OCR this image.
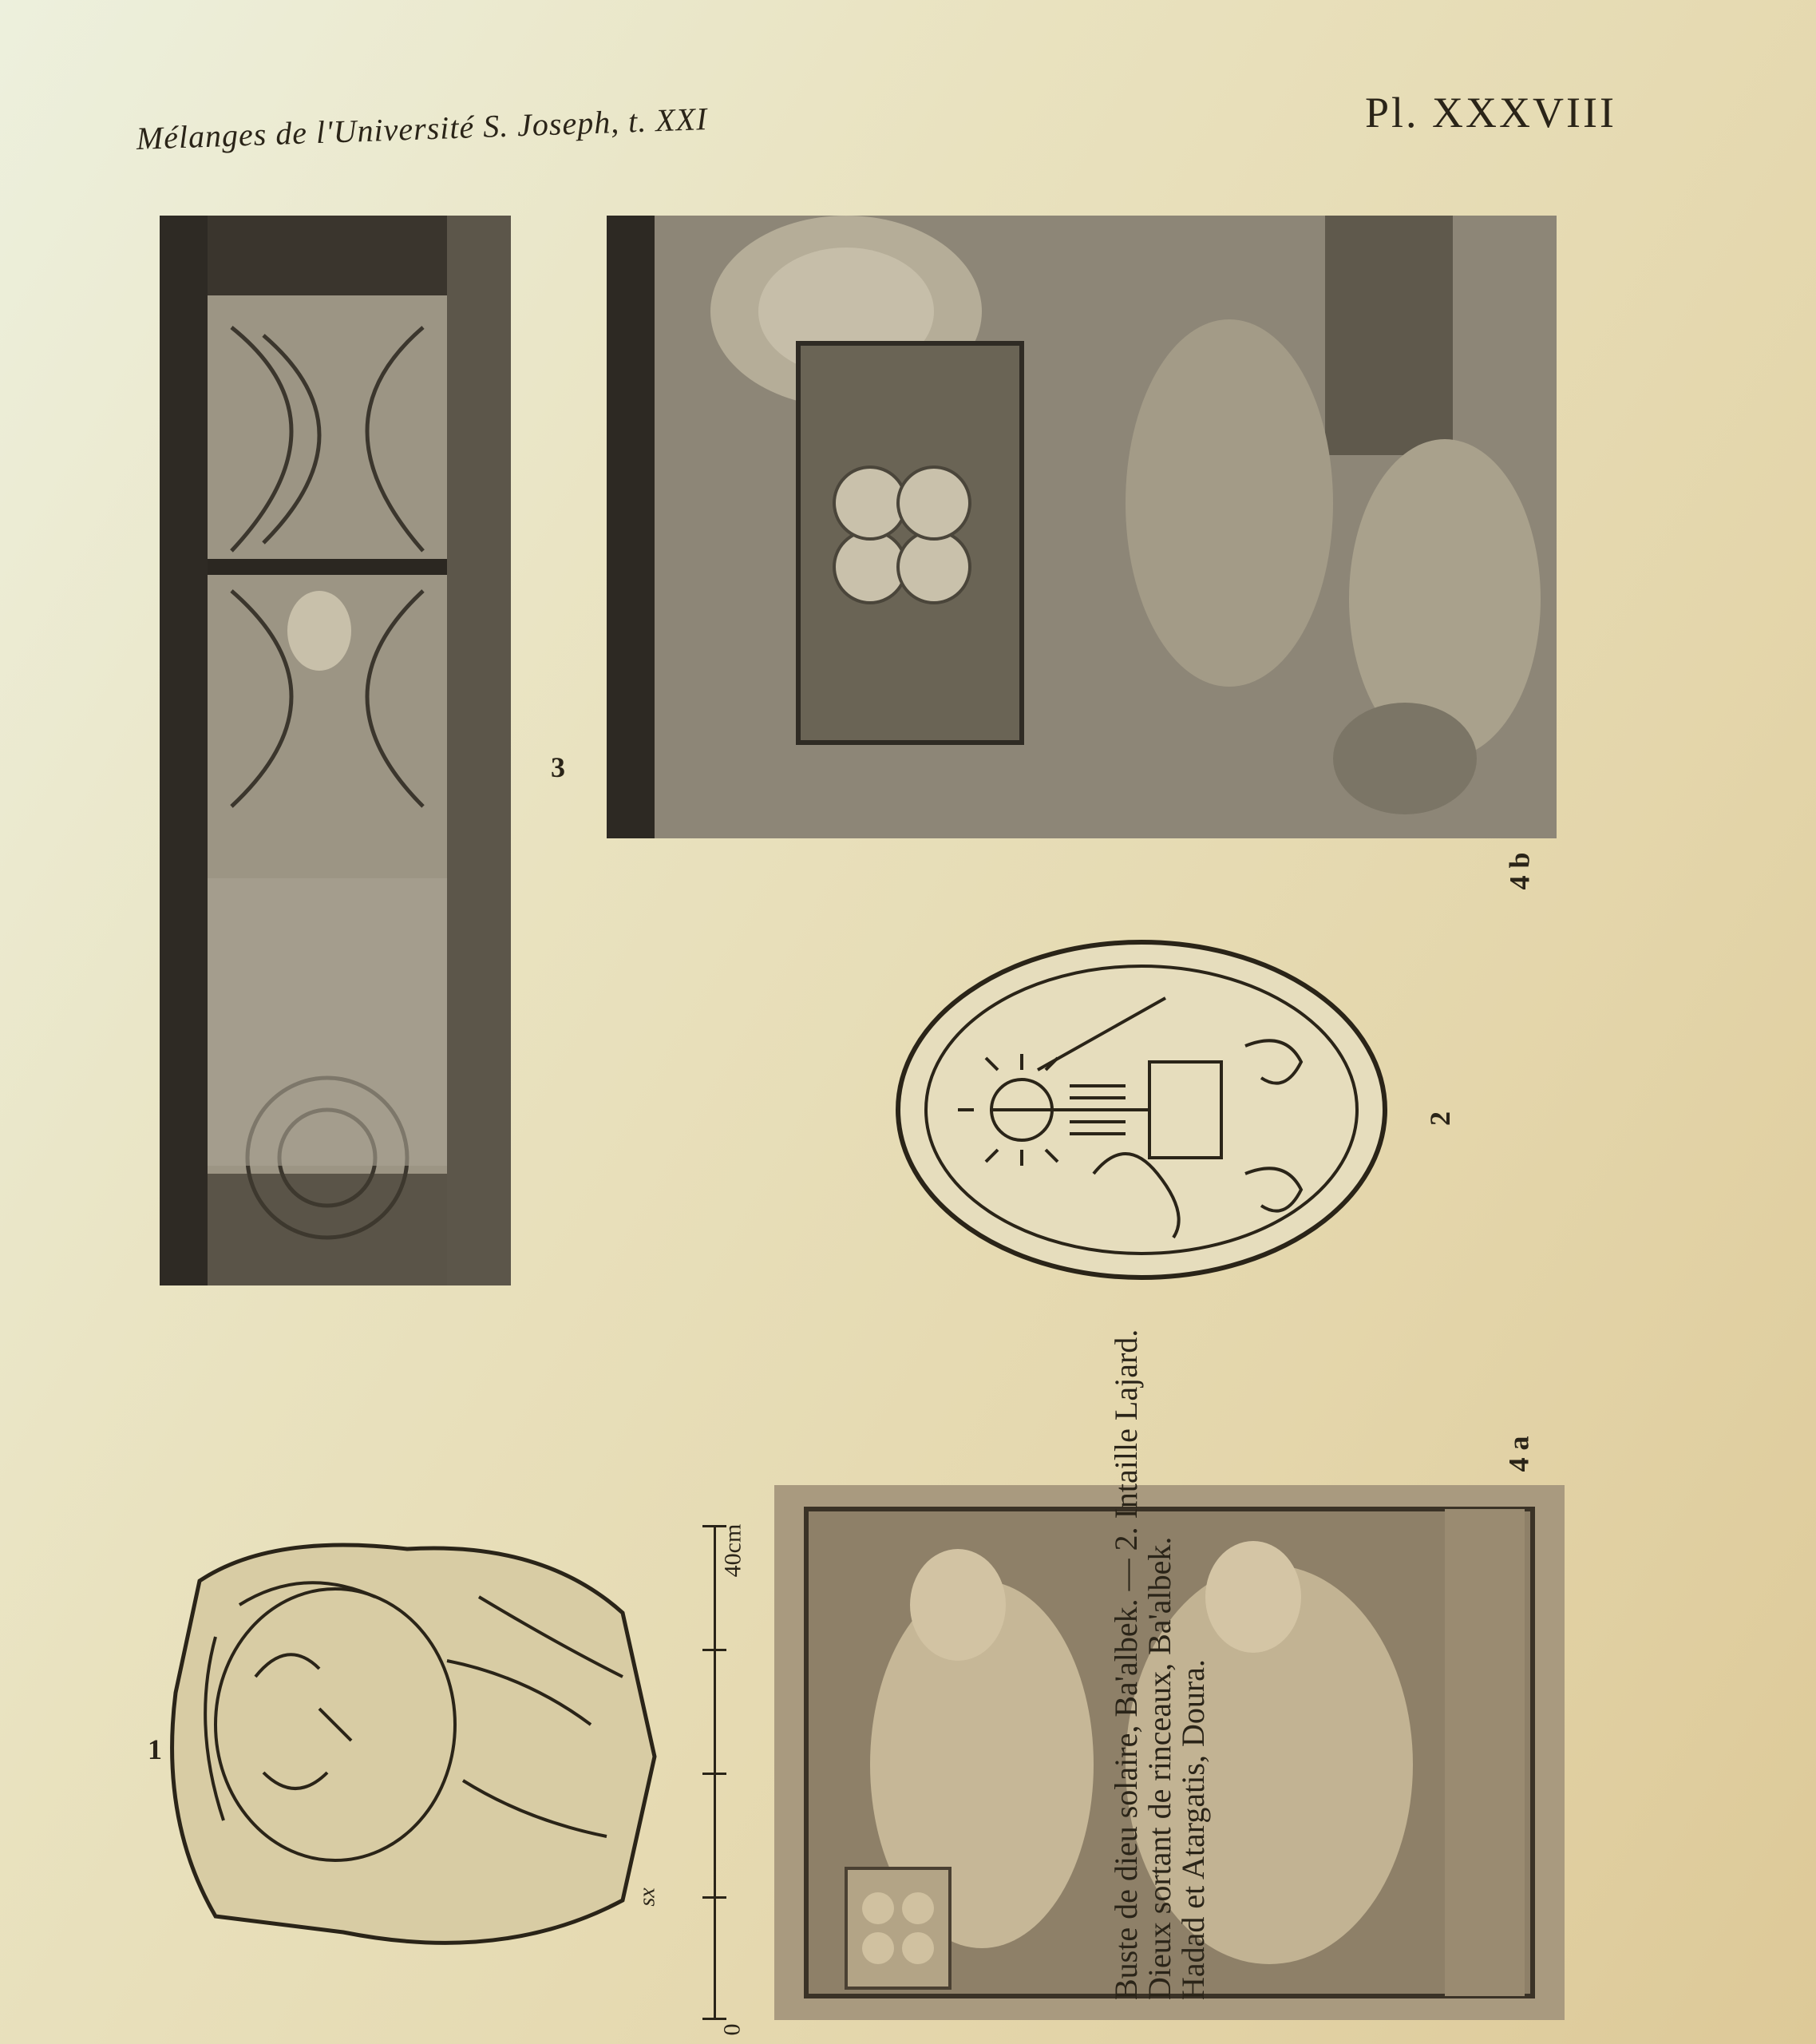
Mélanges de l'Université S. Joseph, t. XXI	Pl. XXXVIII
3
4 b
2
1
sx
40cm
0
4 a
Buste de dieu solaire, Ba'albek. — 2. Intaille Lajard.
Dieux sortant de rinceaux, Ba'albek.
Hadad et Atargatis, Doura.
